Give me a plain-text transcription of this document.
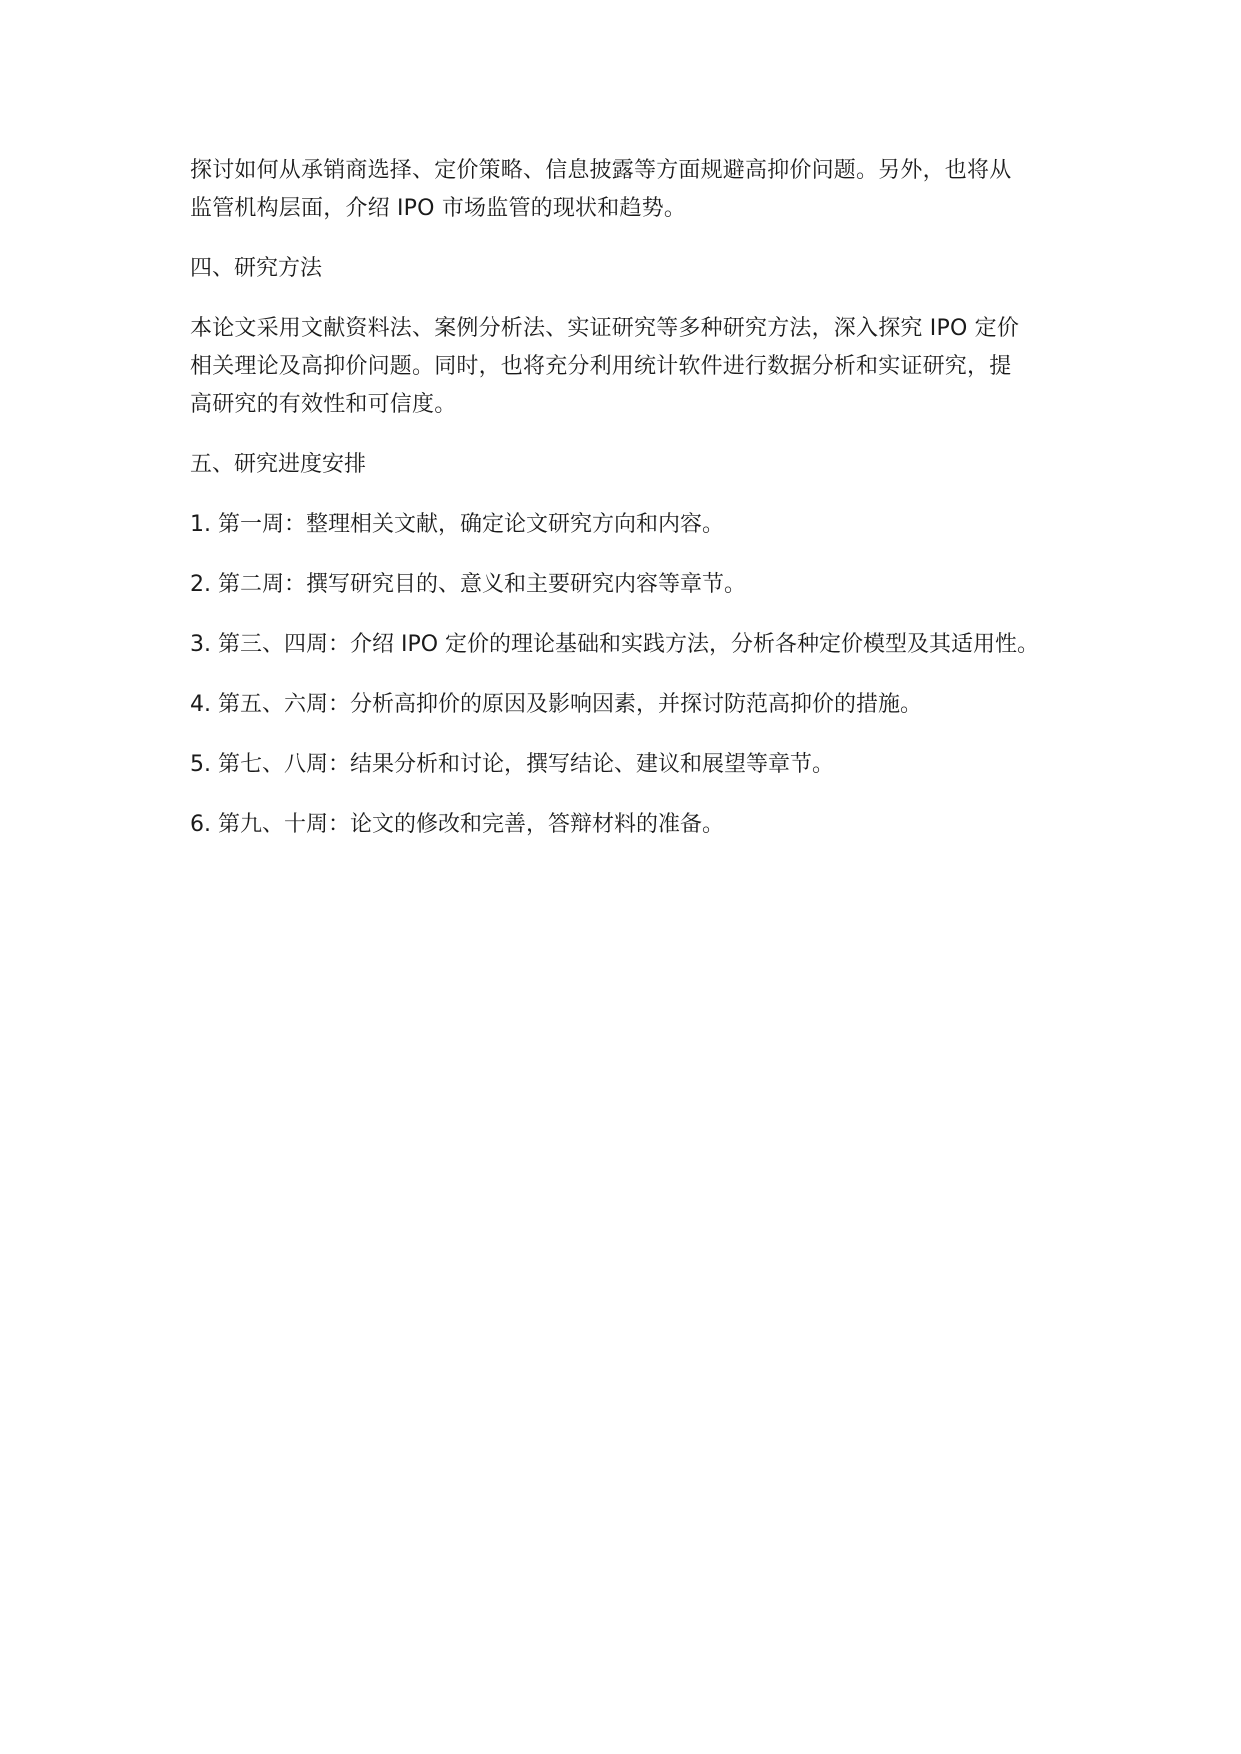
探讨如何从承销商选择、定价策略、信息披露等方面规避高抑价问题。另外，也将从
监管机构层面，介绍 IPO 市场监管的现状和趋势。
四、研究方法
本论文采用文献资料法、案例分析法、实证研究等多种研究方法，深入探究 IPO 定价
相关理论及高抑价问题。同时，也将充分利用统计软件进行数据分析和实证研究，提
高研究的有效性和可信度。
五、研究进度安排
1. 第一周：整理相关文献，确定论文研究方向和内容。
2. 第二周：撰写研究目的、意义和主要研究内容等章节。
3. 第三、四周：介绍 IPO 定价的理论基础和实践方法，分析各种定价模型及其适用性。
4. 第五、六周：分析高抑价的原因及影响因素，并探讨防范高抑价的措施。
5. 第七、八周：结果分析和讨论，撰写结论、建议和展望等章节。
6. 第九、十周：论文的修改和完善，答辩材料的准备。
